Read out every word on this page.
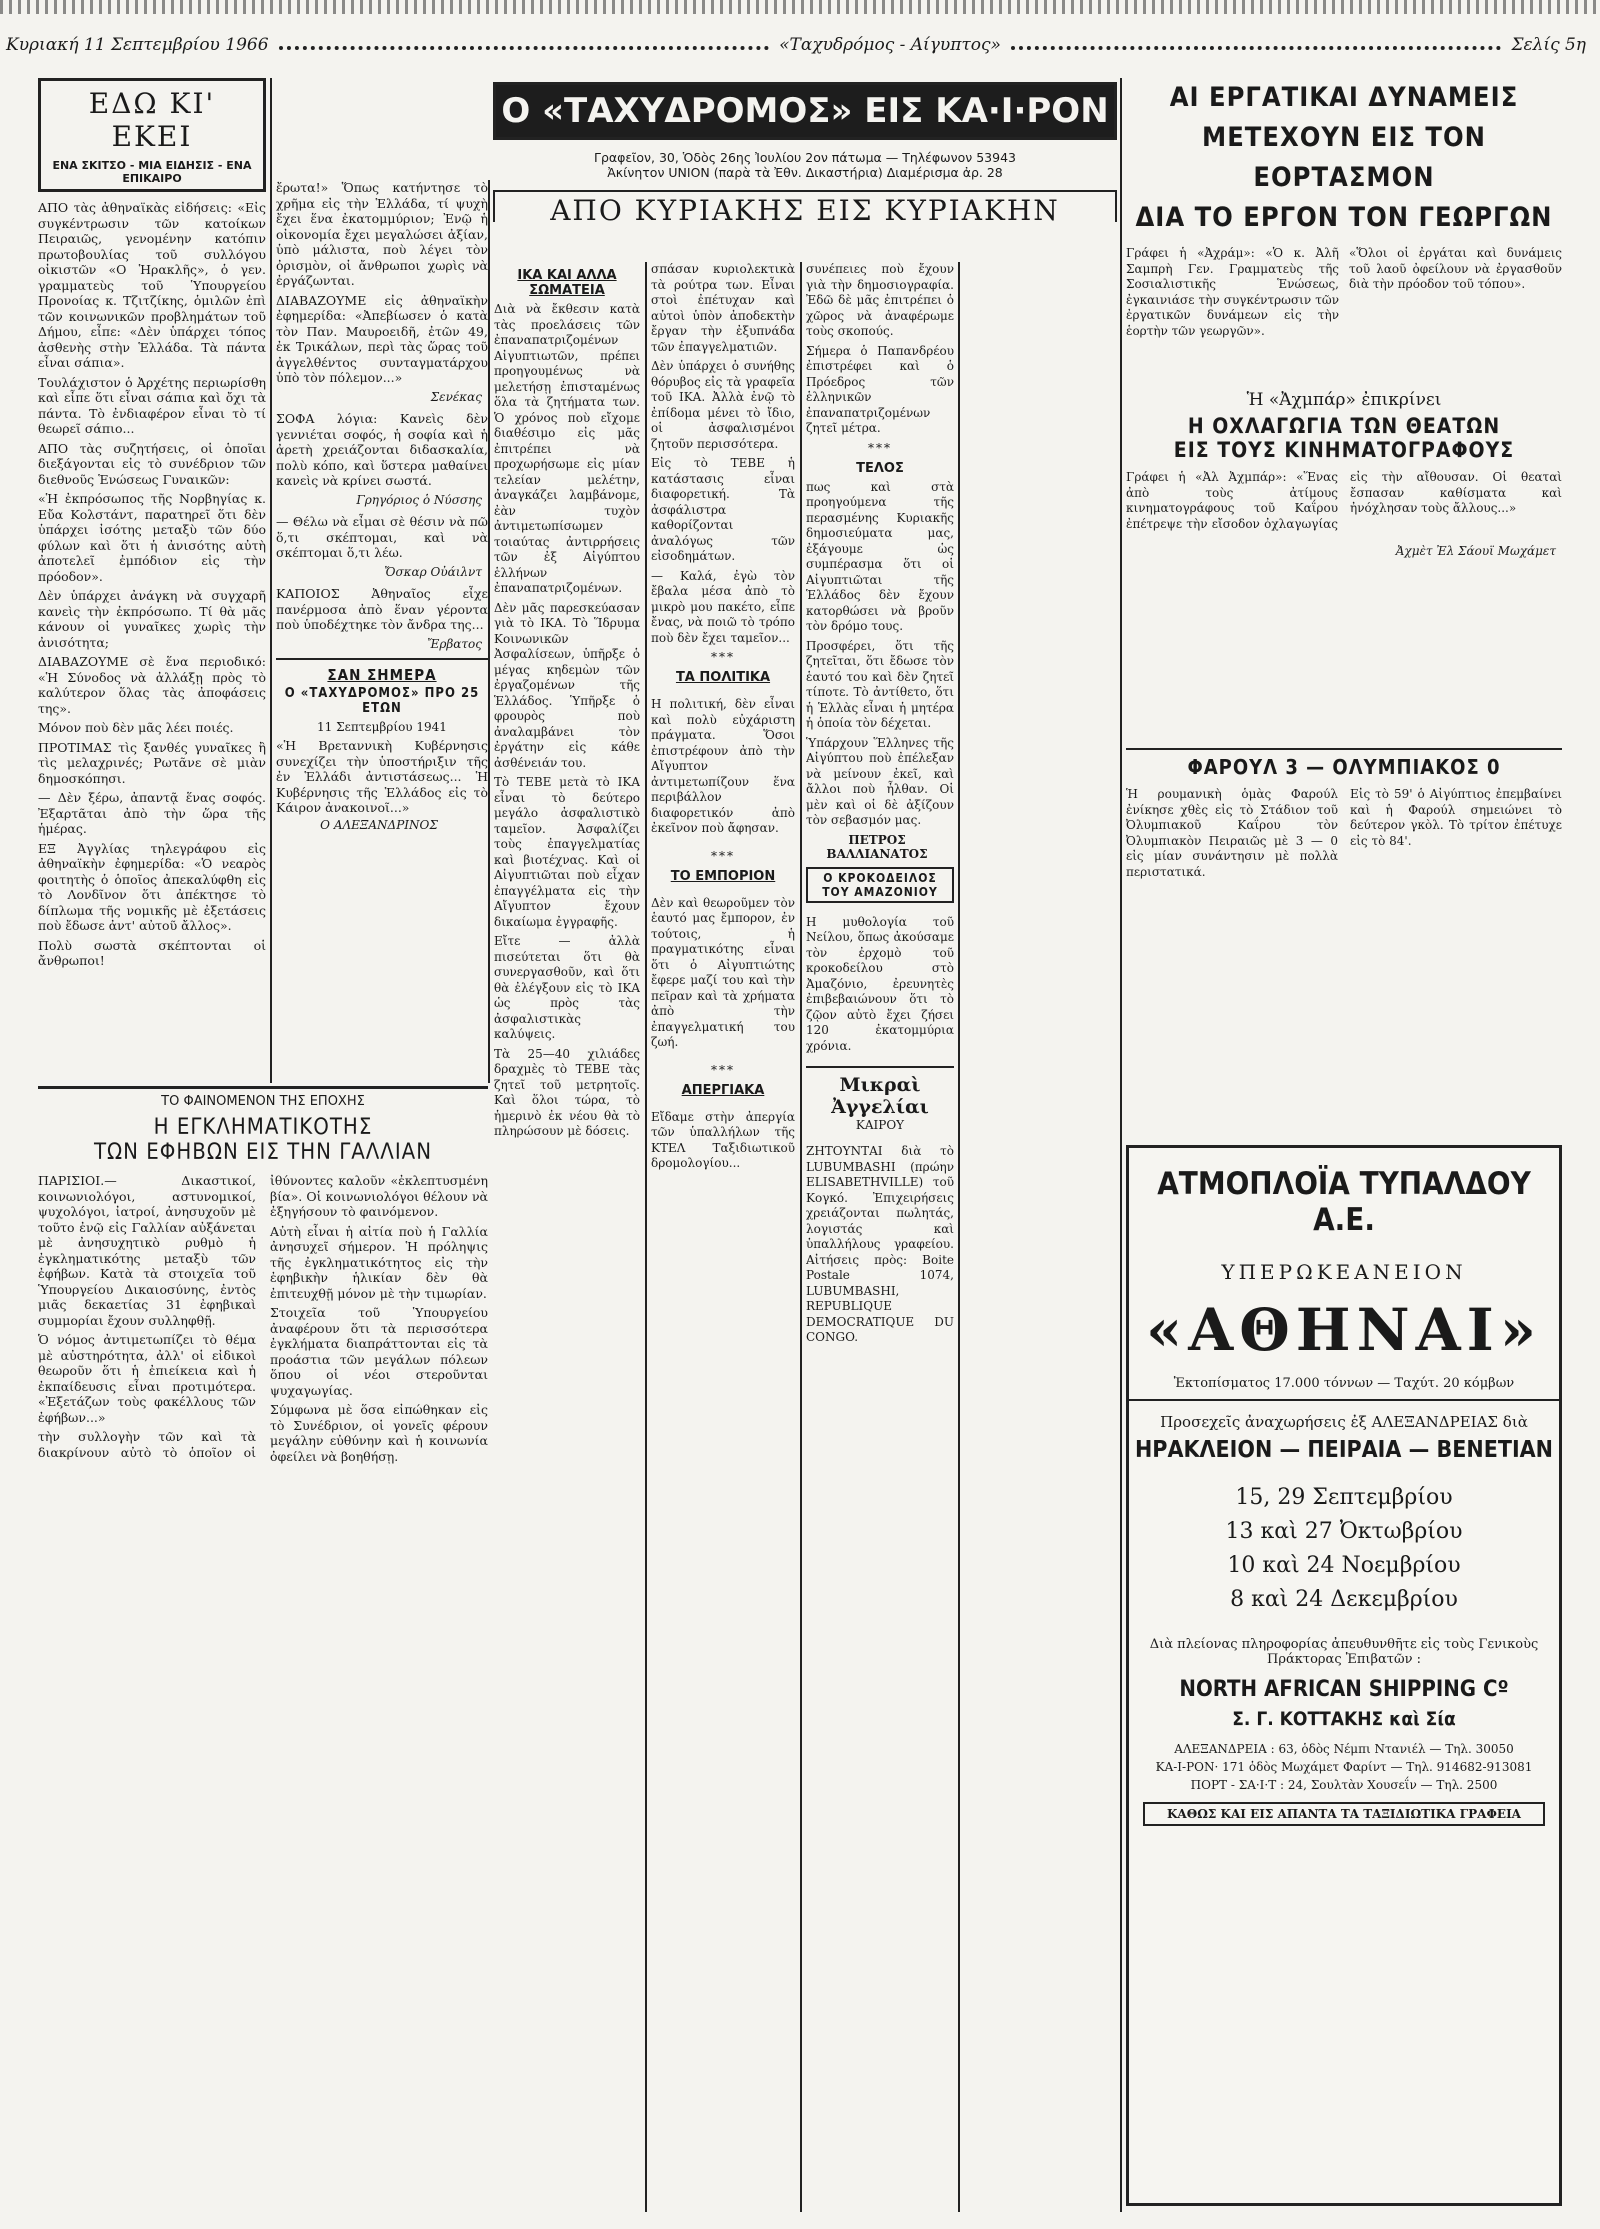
Κυριακή 11 Σεπτεμβρίου 1966	«Ταχυδρόμος - Αίγυπτος»	Σελίς 5η
ΕΔΩ ΚΙ' ΕΚΕΙ
ΕΝΑ ΣΚΙΤΣΟ - ΜΙΑ ΕΙΔΗΣΙΣ - ΕΝΑ ΕΠΙΚΑΙΡΟ

ΑΠΟ τὰς ἀθηναϊκὰς εἰδήσεις: «Εἰς συγκέντρωσιν τῶν κατοίκων Πειραιῶς, γενομένην κατόπιν πρωτοβουλίας τοῦ συλλόγου οἰκιστῶν «Ο Ἡρακλῆς», ὁ γεν. γραμματεὺς τοῦ Ὑπουργείου Προνοίας κ. Τζιτζίκης, ὁμιλῶν ἐπὶ τῶν κοινωνικῶν προβλημάτων τοῦ Δήμου, εἶπε: «Δὲν ὑπάρχει τόπος ἀσθενὴς στὴν Ἑλλάδα. Τὰ πάντα εἶναι σάπια».

Τουλάχιστον ὁ Ἀρχέτης περιωρίσθη καὶ εἶπε ὅτι εἶναι σάπια καὶ ὄχι τὰ πάντα. Τὸ ἐνδιαφέρον εἶναι τὸ τί θεωρεῖ σάπιο...

ΑΠΟ τὰς συζητήσεις, οἱ ὁποῖαι διεξάγονται εἰς τὸ συνέδριον τῶν διεθνοῦς Ἑνώσεως Γυναικῶν:

«Ἡ ἐκπρόσωπος τῆς Νορβηγίας κ. Εὔα Κολστάντ, παρατηρεῖ ὅτι δὲν ὑπάρχει ἰσότης μεταξὺ τῶν δύο φύλων καὶ ὅτι ἡ ἀνισότης αὐτὴ ἀποτελεῖ ἐμπόδιον εἰς τὴν πρόοδον».

Δὲν ὑπάρχει ἀνάγκη νὰ συγχαρῆ κανεὶς τὴν ἐκπρόσωπο. Τί θὰ μᾶς κάνουν οἱ γυναῖκες χωρὶς τὴν ἀνισότητα;

ΔΙΑΒΑΖΟΥΜΕ σὲ ἕνα περιοδικό: «Ἡ Σύνοδος νὰ ἀλλάξῃ πρὸς τὸ καλύτερον ὅλας τὰς ἀποφάσεις της».

Μόνον ποὺ δὲν μᾶς λέει ποιές.

ΠΡΟΤΙΜΑΣ τὶς ξανθές γυναῖκες ἢ τὶς μελαχρινές; Ρωτᾶνε σὲ μιὰν δημοσκόπησι.

— Δὲν ξέρω, ἀπαντᾷ ἕνας σοφός. Ἐξαρτᾶται ἀπὸ τὴν ὥρα τῆς ἡμέρας.

ΕΞ Ἀγγλίας τηλεγράφου εἰς ἀθηναϊκὴν ἐφημερίδα: «Ὁ νεαρὸς φοιτητὴς ὁ ὁποῖος ἀπεκαλύφθη εἰς τὸ Λονδῖνον ὅτι ἀπέκτησε τὸ δίπλωμα τῆς νομικῆς μὲ ἐξετάσεις ποὺ ἔδωσε ἀντ' αὐτοῦ ἄλλος».

Πολὺ σωστὰ σκέπτονται οἱ ἄνθρωποι!

ἔρωτα!» Ὅπως κατήντησε τὸ χρῆμα εἰς τὴν Ἑλλάδα, τί ψυχὴ ἔχει ἕνα ἐκατομμύριον; Ἐνῷ ἡ οἰκονομία ἔχει μεγαλώσει ἀξίαν, ὑπὸ μάλιστα, ποὺ λέγει τὸν ὀρισμὸν, οἱ ἄνθρωποι χωρὶς νὰ ἐργάζωνται.

ΔΙΑΒΑΖΟΥΜΕ εἰς ἀθηναϊκὴν ἐφημερίδα: «Ἀπεβίωσεν ὁ κατὰ τὸν Παν. Μαυροειδῆ, ἐτῶν 49, ἐκ Τρικάλων, περὶ τὰς ὥρας τοῦ ἀγγελθέντος συνταγματάρχου ὑπὸ τὸν πόλεμον...»

Σενέκας

ΣΟΦΑ λόγια: Κανεὶς δὲν γεννιέται σοφός, ἡ σοφία καὶ ἡ ἀρετὴ χρειάζονται διδασκαλία, πολὺ κόπο, καὶ ὕστερα μαθαίνει κανεὶς νὰ κρίνει σωστά.

Γρηγόριος ὁ Νύσσης

— Θέλω νὰ εἶμαι σὲ θέσιν νὰ πῶ ὅ,τι σκέπτομαι, καὶ νὰ σκέπτομαι ὅ,τι λέω.

Ὄσκαρ Οὐάιλντ

ΚΑΠΟΙΟΣ Ἀθηναῖος εἶχε πανέρμοσα ἀπὸ ἕναν γέροντα ποὺ ὑποδέχτηκε τὸν ἄνδρα της...

Ἔρβατος
ΣΑΝ ΣΗΜΕΡΑ
Ο «ΤΑΧΥΔΡΟΜΟΣ» ΠΡΟ 25 ΕΤΩΝ
11 Σεπτεμβρίου 1941

«Ἡ Βρεταννικὴ Κυβέρνησις συνεχίζει τὴν ὑποστήριξιν τῆς ἐν Ἑλλάδι ἀντιστάσεως... Ἡ Κυβέρνησις τῆς Ἑλλάδος εἰς τὸ Κάιρον ἀνακοινοῖ...»

Ο ΑΛΕΞΑΝΔΡΙΝΟΣ
Ο «ΤΑΧΥΔΡΟΜΟΣ» ΕΙΣ ΚΑ·Ι·ΡΟΝ
Γραφεῖον, 30, Ὁδὸς 26ης Ἰουλίου 2ον πάτωμα — Τηλέφωνον 53943
Ἀκίνητον UNION (παρὰ τὰ Ἐθν. Δικαστήρια) Διαμέρισμα ἀρ. 28
ΑΠΟ ΚΥΡΙΑΚΗΣ ΕΙΣ ΚΥΡΙΑΚΗΝ
ΙΚΑ ΚΑΙ ΑΛΛΑ ΣΩΜΑΤΕΙΑ

Διὰ νὰ ἔκθεσιν κατὰ τὰς προελάσεις τῶν ἐπαναπατριζομένων Αἰγυπτιωτῶν, πρέπει προηγουμένως νὰ μελετήσῃ ἐπισταμένως ὅλα τὰ ζητήματα των. Ὁ χρόνος ποὺ εἴχομε διαθέσιμο εἰς μᾶς ἐπιτρέπει νὰ προχωρήσωμε εἰς μίαν τελείαν μελέτην, ἀναγκάζει λαμβάνομε, ἐὰν τυχὸν ἀντιμετωπίσωμεν τοιαύτας ἀντιρρήσεις τῶν ἐξ Αἰγύπτου ἑλλήνων ἐπαναπατριζομένων.

Δὲν μᾶς παρεσκεύασαν γιὰ τὸ ΙΚΑ. Τὸ Ἵδρυμα Κοινωνικῶν Ἀσφαλίσεων, ὑπῆρξε ὁ μέγας κηδεμὼν τῶν ἐργαζομένων τῆς Ἑλλάδος. Ὑπῆρξε ὁ φρουρὸς ποὺ ἀναλαμβάνει τὸν ἐργάτην εἰς κάθε ἀσθένειάν του.

Τὸ ΤΕΒΕ μετὰ τὸ ΙΚΑ εἶναι τὸ δεύτερο μεγάλο ἀσφαλιστικὸ ταμεῖον. Ἀσφαλίζει τοὺς ἐπαγγελματίας καὶ βιοτέχνας. Καὶ οἱ Αἰγυπτιῶται ποὺ εἶχαν ἐπαγγέλματα εἰς τὴν Αἴγυπτον ἔχουν δικαίωμα ἐγγραφῆς.

Εἴτε — ἀλλὰ πισεύτεται ὅτι θὰ συνεργασθοῦν, καὶ ὅτι θὰ ἐλέγξουν εἰς τὸ ΙΚΑ ὡς πρὸς τὰς ἀσφαλιστικὰς καλύψεις.

Τὰ 25—40 χιλιάδες δραχμὲς τὸ ΤΕΒΕ τὰς ζητεῖ τοῦ μετρητοῖς. Καὶ ὅλοι τώρα, τὸ ἡμερινὸ ἐκ νέου θὰ τὸ πληρώσουν μὲ δόσεις.

σπάσαν κυριολεκτικὰ τὰ ρούτρα των. Εἶναι στοὶ ἐπέτυχαν καὶ αὐτοὶ ὑπὸν ἀποδεκτὴν ἔργαν τὴν ἐξυπνάδα τῶν ἐπαγγελματιῶν.

Δὲν ὑπάρχει ὁ συνήθης θόρυβος εἰς τὰ γραφεῖα τοῦ ΙΚΑ. Ἀλλὰ ἐνῷ τὸ ἐπίδομα μένει τὸ ἴδιο, οἱ ἀσφαλισμένοι ζητοῦν περισσότερα.

Εἰς τὸ ΤΕΒΕ ἡ κατάστασις εἶναι διαφορετική. Τὰ ἀσφάλιστρα καθορίζονται ἀναλόγως τῶν εἰσοδημάτων.

— Καλά, ἐγὼ τὸν ἔβαλα μέσα ἀπὸ τὸ μικρὸ μου πακέτο, εἶπε ἔνας, νὰ ποιῶ τὸ τρόπο ποὺ δὲν ἔχει ταμεῖον...

***
ΤΑ ΠΟΛΙΤΙΚΑ

Η πολιτική, δὲν εἶναι καὶ πολὺ εὐχάριστη πράγματα. Ὅσοι ἐπιστρέφουν ἀπὸ τὴν Αἴγυπτον ἀντιμετωπίζουν ἕνα περιβάλλον διαφορετικόν ἀπὸ ἐκεῖνον ποὺ ἄφησαν.

***
ΤΟ ΕΜΠΟΡΙΟΝ

Δὲν καὶ θεωροῦμεν τὸν ἑαυτό μας ἔμπορον, ἐν τούτοις, ἡ πραγματικότης εἶναι ὅτι ὁ Αἰγυπτιώτης ἔφερε μαζί του καὶ τὴν πεῖραν καὶ τὰ χρήματα ἀπὸ τὴν ἐπαγγελματική του ζωή.

***
ΑΠΕΡΓΙΑΚΑ

Εἴδαμε στὴν ἀπεργία τῶν ὑπαλλήλων τῆς ΚΤΕΛ Ταξιδιωτικοῦ δρομολογίου...

συνέπειες ποὺ ἔχουν γιὰ τὴν δημοσιογραφία. Ἐδῶ δὲ μᾶς ἐπιτρέπει ὁ χῶρος νὰ ἀναφέρωμε τοὺς σκοπούς.

Σήμερα ὁ Παπανδρέου ἐπιστρέφει καὶ ὁ Πρόεδρος τῶν ἑλληνικῶν ἐπαναπατριζομένων ζητεῖ μέτρα.

***
ΤΕΛΟΣ

πως καὶ στὰ προηγούμενα τῆς περασμένης Κυριακῆς δημοσιεύματα μας, ἐξάγουμε ὡς συμπέρασμα ὅτι οἱ Αἰγυπτιῶται τῆς Ἑλλάδος δὲν ἔχουν κατορθώσει νὰ βροῦν τὸν δρόμο τους.

Προσφέρει, ὅτι τῆς ζητεῖται, ὅτι ἔδωσε τὸν ἑαυτό του καὶ δὲν ζητεῖ τίποτε. Τὸ ἀντίθετο, ὅτι ἡ Ἑλλὰς εἶναι ἡ μητέρα ἡ ὁποία τὸν δέχεται.

Ὑπάρχουν Ἕλληνες τῆς Αἰγύπτου ποὺ ἐπέλεξαν νὰ μείνουν ἐκεῖ, καὶ ἄλλοι ποὺ ἦλθαν. Οἱ μὲν καὶ οἱ δὲ ἀξίζουν τὸν σεβασμόν μας.

ΠΕΤΡΟΣ ΒΑΛΛΙΑΝΑΤΟΣ
Ο ΚΡΟΚΟΔΕΙΛΟΣ ΤΟΥ ΑΜΑΖΟΝΙΟΥ

Η μυθολογία τοῦ Νείλου, ὅπως ἀκούσαμε τὸν ἐρχομὸ τοῦ κροκοδείλου στὸ Ἀμαζόνιο, ἐρευνητὲς ἐπιβεβαιώνουν ὅτι τὸ ζῷον αὐτὸ ἔχει ζήσει 120 ἐκατομμύρια χρόνια.

Μικραὶ Ἀγγελίαι
ΚΑΙΡΟΥ

ΖΗΤΟΥΝΤΑΙ διὰ τὸ LUBUMBASHI (πρώην ELISABETHVILLE) τοῦ Κογκό. Ἐπιχειρήσεις χρειάζονται πωλητάς, λογιστάς καὶ ὑπαλλήλους γραφείου. Αἰτήσεις πρὸς: Boite Postale 1074, LUBUMBASHI, REPUBLIQUE DEMOCRATIQUE DU CONGO.

ΑΙ ΕΡΓΑΤΙΚΑΙ ΔΥΝΑΜΕΙΣ
ΜΕΤΕΧΟΥΝ ΕΙΣ ΤΟΝ ΕΟΡΤΑΣΜΟΝ
ΔΙΑ ΤΟ ΕΡΓΟΝ ΤΟΝ ΓΕΩΡΓΩΝ

Γράφει ἡ «Ἀχράμ»: «Ὁ κ. Ἀλῆ Σαμπρὴ Γεν. Γραμματεὺς τῆς Σοσιαλιστικῆς Ἑνώσεως, ἐγκαινιάσε τὴν συγκέντρωσιν τῶν ἐργατικῶν δυνάμεων εἰς τὴν ἑορτὴν τῶν γεωργῶν».

«Ὅλοι οἱ ἐργάται καὶ δυνάμεις τοῦ λαοῦ ὀφείλουν νὰ ἐργασθοῦν διὰ τὴν πρόοδον τοῦ τόπου».

Ἡ «Ἀχμπάρ» ἐπικρίνει
Η ΟΧΛΑΓΩΓΙΑ ΤΩΝ ΘΕΑΤΩΝ
ΕΙΣ ΤΟΥΣ ΚΙΝΗΜΑΤΟΓΡΑΦΟΥΣ

Γράφει ἡ «Ἀλ Ἀχμπάρ»: «Ἕνας ἀπὸ τοὺς ἀτίμους κινηματογράφους τοῦ Καΐρου ἐπέτρεψε τὴν εἴσοδον ὀχλαγωγίας εἰς τὴν αἴθουσαν. Οἱ θεαταὶ ἔσπασαν καθίσματα καὶ ἠνόχλησαν τοὺς ἄλλους...»

Ἀχμὲτ Ἐλ Σάουϊ Μωχάμετ
ΦΑΡΟΥΛ 3 — ΟΛΥΜΠΙΑΚΟΣ 0

Ἡ ρουμανικὴ ὁμὰς Φαρούλ ἐνίκησε χθὲς εἰς τὸ Στάδιον τοῦ Ὀλυμπιακοῦ Καΐρου τὸν Ὀλυμπιακὸν Πειραιῶς μὲ 3 — 0 εἰς μίαν συνάντησιν μὲ πολλὰ περιστατικά.

Εἰς τὸ 59' ὁ Αἰγύπτιος ἐπεμβαίνει καὶ ἡ Φαρούλ σημειώνει τὸ δεύτερον γκὸλ. Τὸ τρίτον ἐπέτυχε εἰς τὸ 84'.

ΑΤΜΟΠΛΟΪΑ ΤΥΠΑΛΔΟΥ Α.Ε.
ΥΠΕΡΩΚΕΑΝΕΙΟΝ
«ΑΘΗΝΑΙ»
Ἐκτοπίσματος 17.000 τόννων — Ταχύτ. 20 κόμβων
Προσεχεῖς ἀναχωρήσεις ἐξ ΑΛΕΞΑΝΔΡΕΙΑΣ διὰ
ΗΡΑΚΛΕΙΟΝ — ΠΕΙΡΑΙΑ — ΒΕΝΕΤΙΑΝ
15, 29 Σεπτεμβρίου
13 καὶ 27 Ὀκτωβρίου
10 καὶ 24 Νοεμβρίου
8 καὶ 24 Δεκεμβρίου
Διὰ πλείονας πληροφορίας ἀπευθυνθῆτε εἰς τοὺς Γενικοὺς Πράκτορας Ἐπιβατῶν :
NORTH AFRICAN SHIPPING Cº
Σ. Γ. ΚΟΤΤΑΚΗΣ καὶ Σία
ΑΛΕΞΑΝΔΡΕΙΑ : 63, ὁδὸς Νέμπι Ντανιέλ — Τηλ. 30050
ΚΑ-Ι-ΡΟΝ· 171 ὁδὸς Μωχάμετ Φαρίντ — Τηλ. 914682-913081
ΠΟΡΤ - ΣΑ·Ι·Τ : 24, Σουλτὰν Χουσεΐν — Τηλ. 2500
ΚΑΘΩΣ ΚΑΙ ΕΙΣ ΑΠΑΝΤΑ ΤΑ ΤΑΞΙΔΙΩΤΙΚΑ ΓΡΑΦΕΙΑ
ΤΟ ΦΑΙΝΟΜΕΝΟΝ ΤΗΣ ΕΠΟΧΗΣ
Η ΕΓΚΛΗΜΑΤΙΚΟΤΗΣ
ΤΩΝ ΕΦΗΒΩΝ ΕΙΣ ΤΗΝ ΓΑΛΛΙΑΝ

ΠΑΡΙΣΙΟΙ.— Δικαστικοί, κοινωνιολόγοι, αστυνομικοί, ψυχολόγοι, ἰατροί, ἀνησυχοῦν μὲ τοῦτο ἐνῷ εἰς Γαλλίαν αὐξάνεται μὲ ἀνησυχητικὸ ρυθμὸ ἡ ἐγκληματικότης μεταξὺ τῶν ἐφήβων. Κατὰ τὰ στοιχεῖα τοῦ Ὑπουργείου Δικαιοσύνης, ἐντὸς μιᾶς δεκαετίας 31 ἐφηβικαὶ συμμορίαι ἔχουν συλληφθῇ.

Ὁ νόμος ἀντιμετωπίζει τὸ θέμα μὲ αὐστηρότητα, ἀλλ' οἱ εἰδικοὶ θεωροῦν ὅτι ἡ ἐπιείκεια καὶ ἡ ἐκπαίδευσις εἶναι προτιμότερα. «Ἐξετάζων τοὺς φακέλλους τῶν ἐφήβων...»

τὴν συλλογὴν τῶν καὶ τὰ διακρίνουν αὐτὸ τὸ ὁποῖον οἱ ἰθύνοντες καλοῦν «ἐκλεπτυσμένη βία». Οἱ κοινωνιολόγοι θέλουν νὰ ἐξηγήσουν τὸ φαινόμενον.

Αὐτὴ εἶναι ἡ αἰτία ποὺ ἡ Γαλλία ἀνησυχεῖ σήμερον. Ἡ πρόληψις τῆς ἐγκληματικότητος εἰς τὴν ἐφηβικὴν ἡλικίαν δὲν θὰ ἐπιτευχθῇ μόνον μὲ τὴν τιμωρίαν.

Στοιχεῖα τοῦ Ὑπουργείου ἀναφέρουν ὅτι τὰ περισσότερα ἐγκλήματα διαπράττονται εἰς τὰ προάστια τῶν μεγάλων πόλεων ὅπου οἱ νέοι στεροῦνται ψυχαγωγίας.

Σύμφωνα μὲ ὅσα εἰπώθηκαν εἰς τὸ Συνέδριον, οἱ γονεῖς φέρουν μεγάλην εὐθύνην καὶ ἡ κοινωνία ὀφείλει νὰ βοηθήσῃ.
